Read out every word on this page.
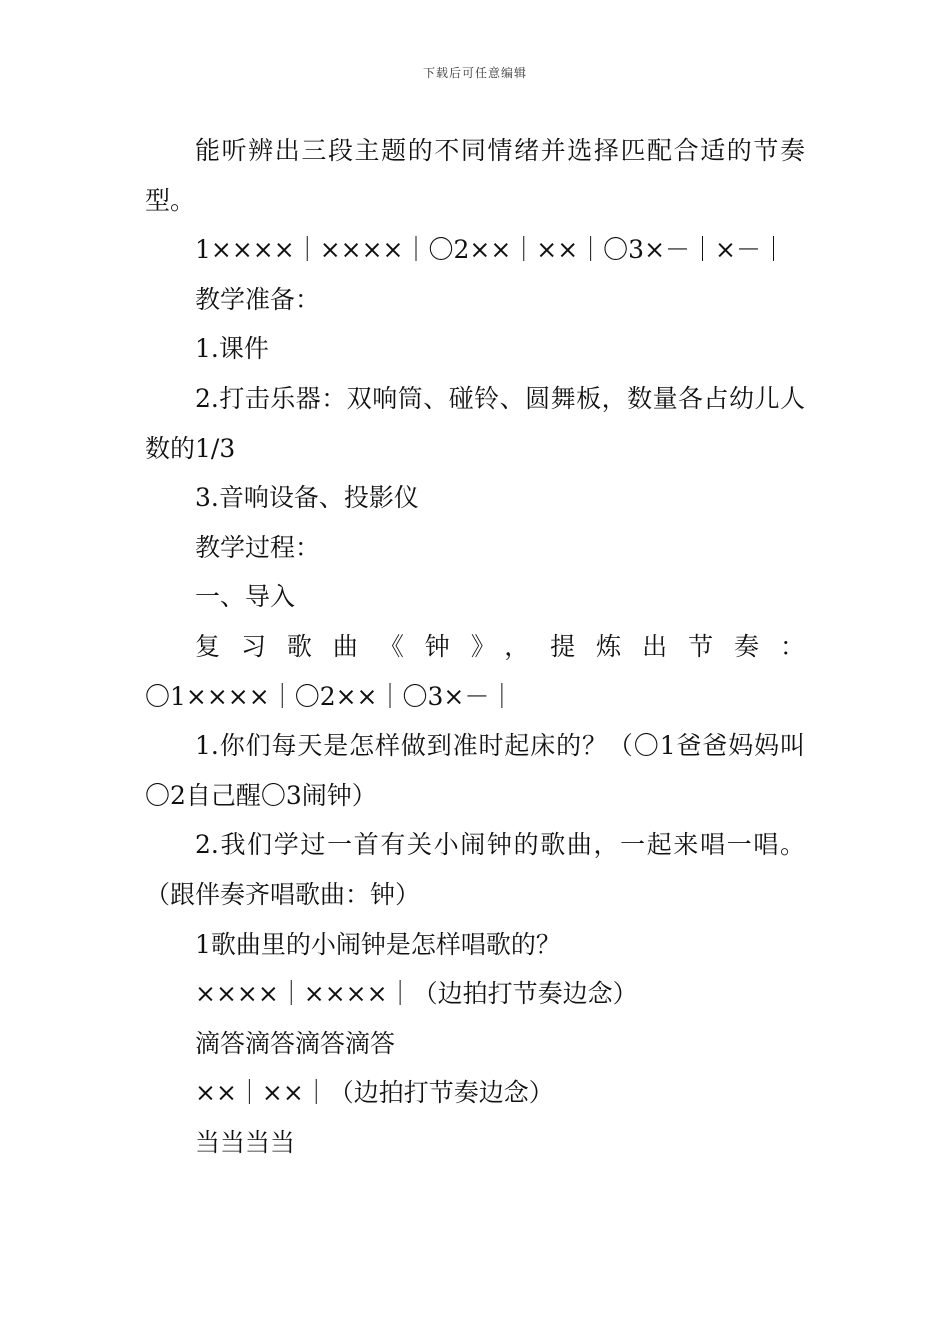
下载后可任意编辑

能听辨出三段主题的不同情绪并选择匹配合适的节奏型。

1××××｜××××｜〇2××｜××｜〇3×－｜×－｜

教学准备：

1.课件

2.打击乐器：双响筒、碰铃、圆舞板，数量各占幼儿人数的1/3

3.音响设备、投影仪

教学过程：

一、导入

复习歌曲《钟》，提炼出节奏：
〇1××××｜〇2××｜〇3×－｜

1.你们每天是怎样做到准时起床的？（〇1爸爸妈妈叫〇2自己醒〇3闹钟）

2.我们学过一首有关小闹钟的歌曲，一起来唱一唱。（跟伴奏齐唱歌曲：钟）

1歌曲里的小闹钟是怎样唱歌的？

××××｜××××｜（边拍打节奏边念）

滴答滴答滴答滴答

××｜××｜（边拍打节奏边念）

当当当当
